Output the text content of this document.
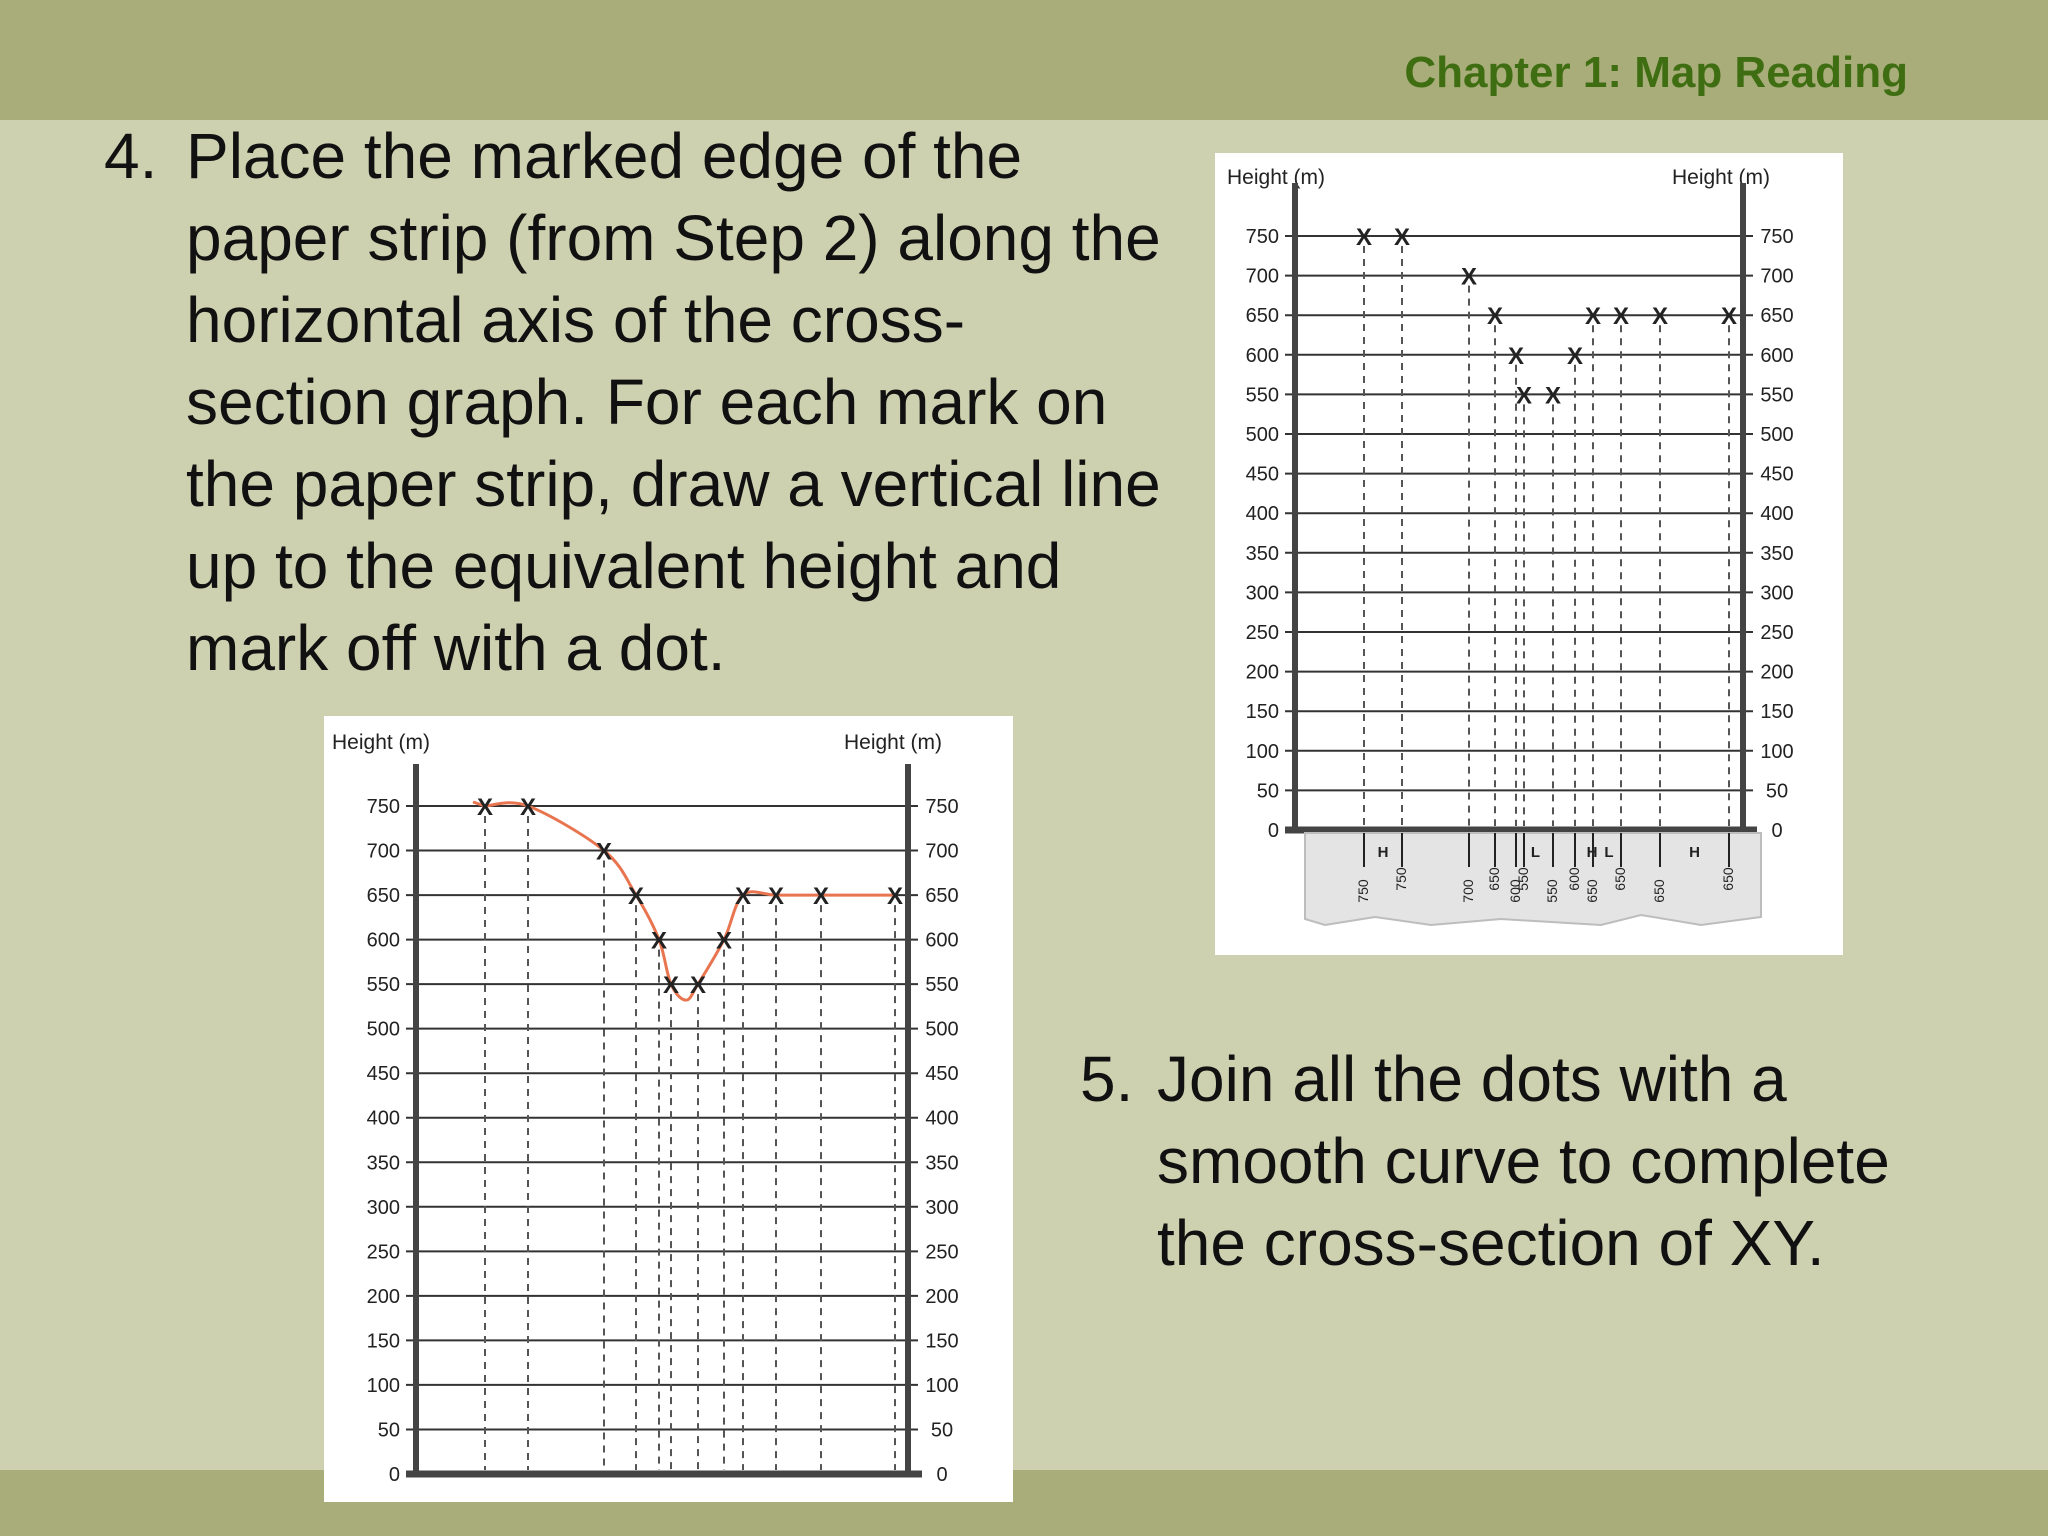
Chapter 1: Map Reading
4. Place the marked edge of the paper strip (from Step 2) along the horizontal axis of the cross-section graph. For each mark on the paper strip, draw a vertical line up to the equivalent height and mark off with a dot.
5. Join all the dots with a smooth curve to complete the cross-section of XY.
Height (m)	Height (m)
0	0
50	50
100	100
150	150
200	200
250	250
300	300
350	350
400	400
450	450
500	500
550	550
600	600
650	650
700	700
750	750
X X
X
X
X
X X
X
X X X X
750
750
700
650
600
550
550
600
650
650
650
650
H	L	H L	H
Height (m)	Height (m)
0	0
50	50
100	100
150	150
200	200
250	250
300	300
350	350
400	400
450	450
500	500
550	550
600	600
650	650
700	700
750	750
X X
X
X
X
X X
X
X X X X
